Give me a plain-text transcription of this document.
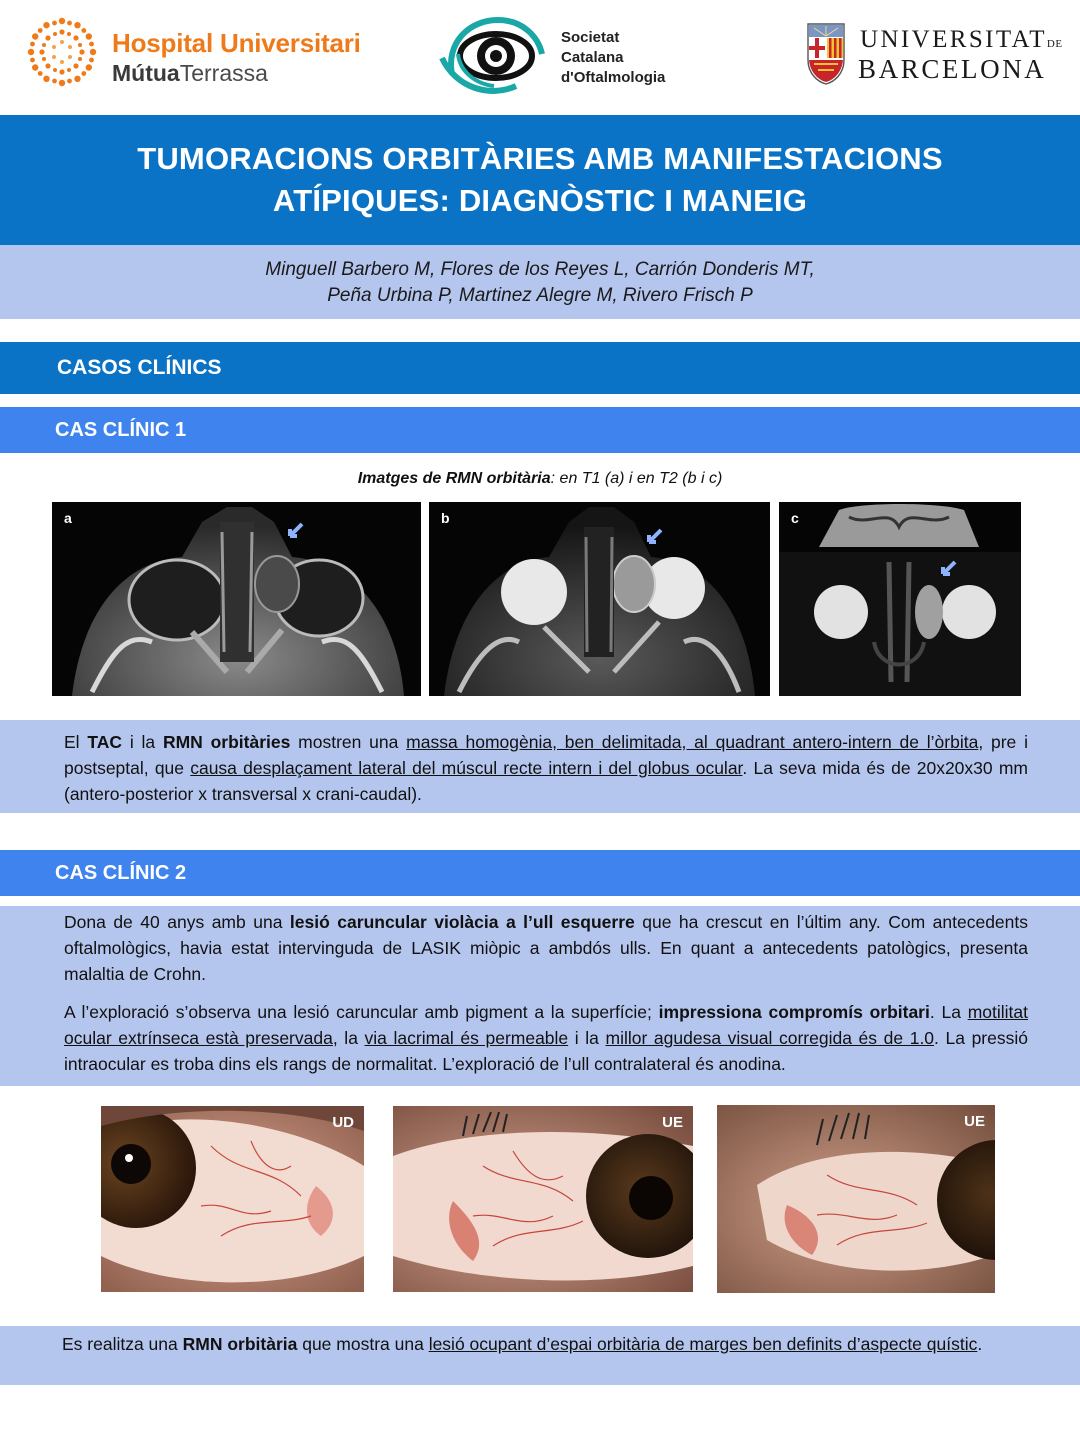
Hospital Universitari
MútuaTerrassa
Societat
Catalana
d'Oftalmologia
UNIVERSITATDE
BARCELONA
TUMORACIONS ORBITÀRIES AMB MANIFESTACIONS
ATÍPIQUES: DIAGNÒSTIC I MANEIG

Minguell Barbero M, Flores de los Reyes L, Carrión Donderis MT,

Peña Urbina P, Martinez Alegre M, Rivero Frisch P

CASOS CLÍNICS
CAS CLÍNIC 1
Imatges de RMN orbitària: en T1 (a) i en T2 (b i c)
a	b	c

El TAC i la RMN orbitàries mostren una massa homogènia, ben delimitada, al quadrant antero-intern de l’òrbita, pre i postseptal, que causa desplaçament lateral del múscul recte intern i del globus ocular. La seva mida és de 20x20x30 mm (antero-posterior x transversal x crani-caudal).

CAS CLÍNIC 2

Dona de 40 anys amb una lesió caruncular violàcia a l’ull esquerre que ha crescut en l’últim any. Com antecedents oftalmològics, havia estat intervinguda de LASIK miòpic a ambdós ulls. En quant a antecedents patològics, presenta malaltia de Crohn.

A l’exploració s’observa una lesió caruncular amb pigment a la superfície; impressiona compromís orbitari. La motilitat ocular extrínseca està preservada, la via lacrimal és permeable i la millor agudesa visual corregida és de 1.0. La pressió intraocular es troba dins els rangs de normalitat. L’exploració de l’ull contralateral és anodina.

UD	UE	UE

Es realitza una RMN orbitària que mostra una lesió ocupant d’espai orbitària de marges ben definits d’aspecte quístic.
